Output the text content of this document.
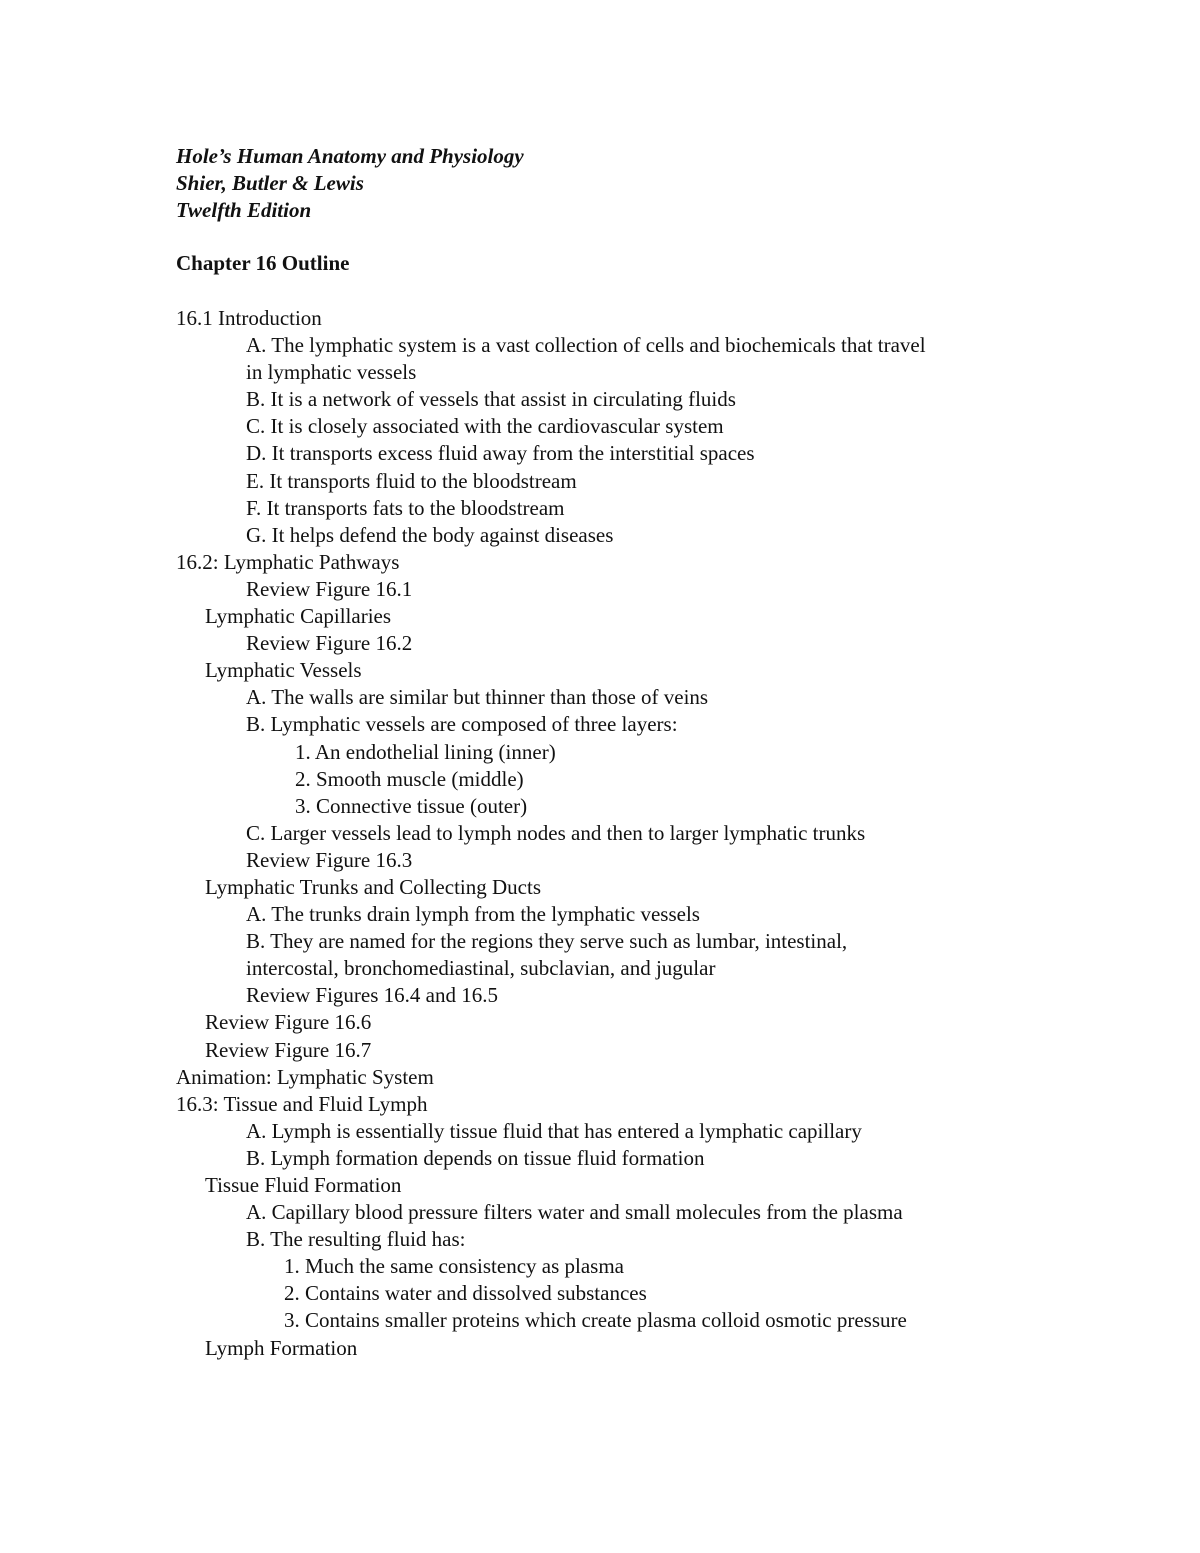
Hole’s Human Anatomy and Physiology
Shier, Butler & Lewis
Twelfth Edition
Chapter 16 Outline
16.1 Introduction
A. The lymphatic system is a vast collection of cells and biochemicals that travel
in lymphatic vessels
B. It is a network of vessels that assist in circulating fluids
C. It is closely associated with the cardiovascular system
D. It transports excess fluid away from the interstitial spaces
E. It transports fluid to the bloodstream
F. It transports fats to the bloodstream
G. It helps defend the body against diseases
16.2: Lymphatic Pathways
Review Figure 16.1
Lymphatic Capillaries
Review Figure 16.2
Lymphatic Vessels
A. The walls are similar but thinner than those of veins
B. Lymphatic vessels are composed of three layers:
1. An endothelial lining (inner)
2. Smooth muscle (middle)
3. Connective tissue (outer)
C. Larger vessels lead to lymph nodes and then to larger lymphatic trunks
Review Figure 16.3
Lymphatic Trunks and Collecting Ducts
A. The trunks drain lymph from the lymphatic vessels
B. They are named for the regions they serve such as lumbar, intestinal,
intercostal, bronchomediastinal, subclavian, and jugular
Review Figures 16.4 and 16.5
Review Figure 16.6
Review Figure 16.7
Animation: Lymphatic System
16.3: Tissue and Fluid Lymph
A. Lymph is essentially tissue fluid that has entered a lymphatic capillary
B. Lymph formation depends on tissue fluid formation
Tissue Fluid Formation
A. Capillary blood pressure filters water and small molecules from the plasma
B. The resulting fluid has:
1. Much the same consistency as plasma
2. Contains water and dissolved substances
3. Contains smaller proteins which create plasma colloid osmotic pressure
Lymph Formation
